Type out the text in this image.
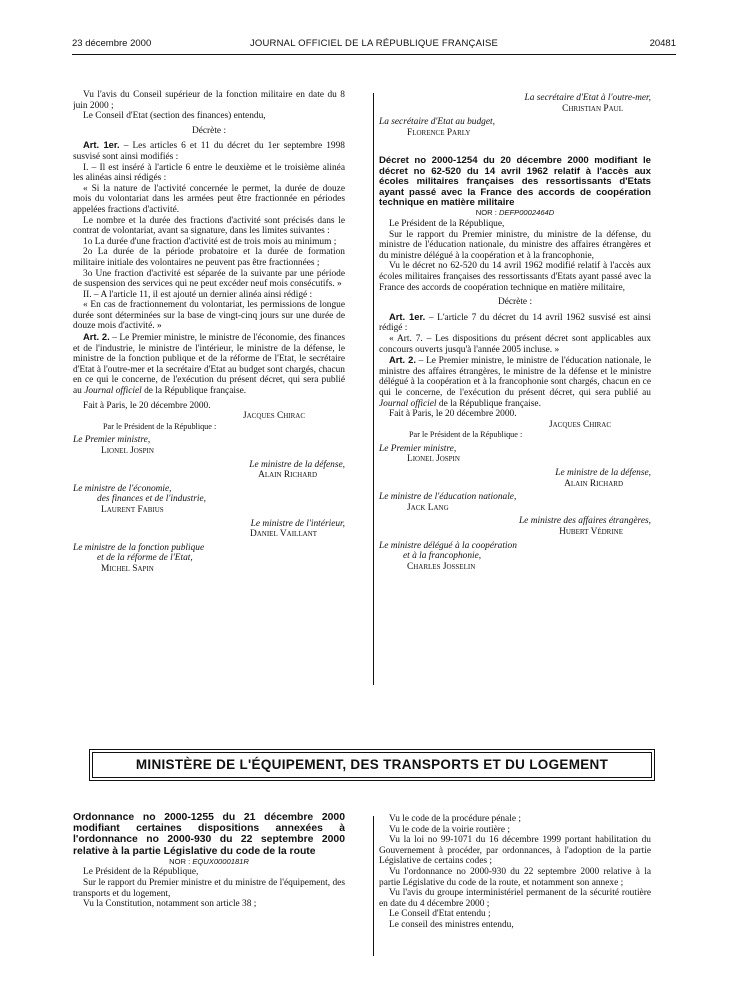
23 décembre 2000	JOURNAL OFFICIEL DE LA RÉPUBLIQUE FRANÇAISE	20481

Vu l'avis du Conseil supérieur de la fonction militaire en date du 8 juin 2000 ;

Le Conseil d'Etat (section des finances) entendu,

Décrète :

Art. 1er. – Les articles 6 et 11 du décret du 1er septembre 1998 susvisé sont ainsi modifiés :

I. – Il est inséré à l'article 6 entre le deuxième et le troisième alinéa les alinéas ainsi rédigés :

« Si la nature de l'activité concernée le permet, la durée de douze mois du volontariat dans les armées peut être fractionnée en périodes appelées fractions d'activité.

Le nombre et la durée des fractions d'activité sont précisés dans le contrat de volontariat, avant sa signature, dans les limites suivantes :

1o La durée d'une fraction d'activité est de trois mois au minimum ;

2o La durée de la période probatoire et la durée de formation militaire initiale des volontaires ne peuvent pas être fractionnées ;

3o Une fraction d'activité est séparée de la suivante par une période de suspension des services qui ne peut excéder neuf mois consécutifs. »

II. – A l'article 11, il est ajouté un dernier alinéa ainsi rédigé :

« En cas de fractionnement du volontariat, les permissions de longue durée sont déterminées sur la base de vingt-cinq jours sur une durée de douze mois d'activité. »

Art. 2. – Le Premier ministre, le ministre de l'économie, des finances et de l'industrie, le ministre de l'intérieur, le ministre de la défense, le ministre de la fonction publique et de la réforme de l'Etat, le secrétaire d'Etat à l'outre-mer et la secrétaire d'Etat au budget sont chargés, chacun en ce qui le concerne, de l'exécution du présent décret, qui sera publié au Journal officiel de la République française.

Fait à Paris, le 20 décembre 2000.

Jacques Chirac

Par le Président de la République :

Le Premier ministre,

Lionel Jospin

Le ministre de la défense,

Alain Richard

Le ministre de l'économie,

des finances et de l'industrie,

Laurent Fabius

Le ministre de l'intérieur,

Daniel Vaillant

Le ministre de la fonction publique

et de la réforme de l'Etat,

Michel Sapin

La secrétaire d'Etat à l'outre-mer,

Christian Paul

La secrétaire d'Etat au budget,

Florence Parly

Décret no 2000-1254 du 20 décembre 2000 modifiant le décret no 62-520 du 14 avril 1962 relatif à l'accès aux écoles militaires françaises des ressortissants d'Etats ayant passé avec la France des accords de coopération technique en matière militaire

NOR : DEFP0002464D

Le Président de la République,

Sur le rapport du Premier ministre, du ministre de la défense, du ministre de l'éducation nationale, du ministre des affaires étrangères et du ministre délégué à la coopération et à la francophonie,

Vu le décret no 62-520 du 14 avril 1962 modifié relatif à l'accès aux écoles militaires françaises des ressortissants d'Etats ayant passé avec la France des accords de coopération technique en matière militaire,

Décrète :

Art. 1er. – L'article 7 du décret du 14 avril 1962 susvisé est ainsi rédigé :

« Art. 7. – Les dispositions du présent décret sont applicables aux concours ouverts jusqu'à l'année 2005 incluse. »

Art. 2. – Le Premier ministre, le ministre de l'éducation nationale, le ministre des affaires étrangères, le ministre de la défense et le ministre délégué à la coopération et à la francophonie sont chargés, chacun en ce qui le concerne, de l'exécution du présent décret, qui sera publié au Journal officiel de la République française.

Fait à Paris, le 20 décembre 2000.

Jacques Chirac

Par le Président de la République :

Le Premier ministre,

Lionel Jospin

Le ministre de la défense,

Alain Richard

Le ministre de l'éducation nationale,

Jack Lang

Le ministre des affaires étrangères,

Hubert Védrine

Le ministre délégué à la coopération

et à la francophonie,

Charles Josselin

MINISTÈRE DE L'ÉQUIPEMENT, DES TRANSPORTS ET DU LOGEMENT

Ordonnance no 2000-1255 du 21 décembre 2000 modifiant certaines dispositions annexées à l'ordonnance no 2000-930 du 22 septembre 2000 relative à la partie Législative du code de la route

NOR : EQUX0000181R

Le Président de la République,

Sur le rapport du Premier ministre et du ministre de l'équipement, des transports et du logement,

Vu la Constitution, notamment son article 38 ;

Vu le code de la procédure pénale ;

Vu le code de la voirie routière ;

Vu la loi no 99-1071 du 16 décembre 1999 portant habilitation du Gouvernement à procéder, par ordonnances, à l'adoption de la partie Législative de certains codes ;

Vu l'ordonnance no 2000-930 du 22 septembre 2000 relative à la partie Législative du code de la route, et notamment son annexe ;

Vu l'avis du groupe interministériel permanent de la sécurité routière en date du 4 décembre 2000 ;

Le Conseil d'Etat entendu ;

Le conseil des ministres entendu,
